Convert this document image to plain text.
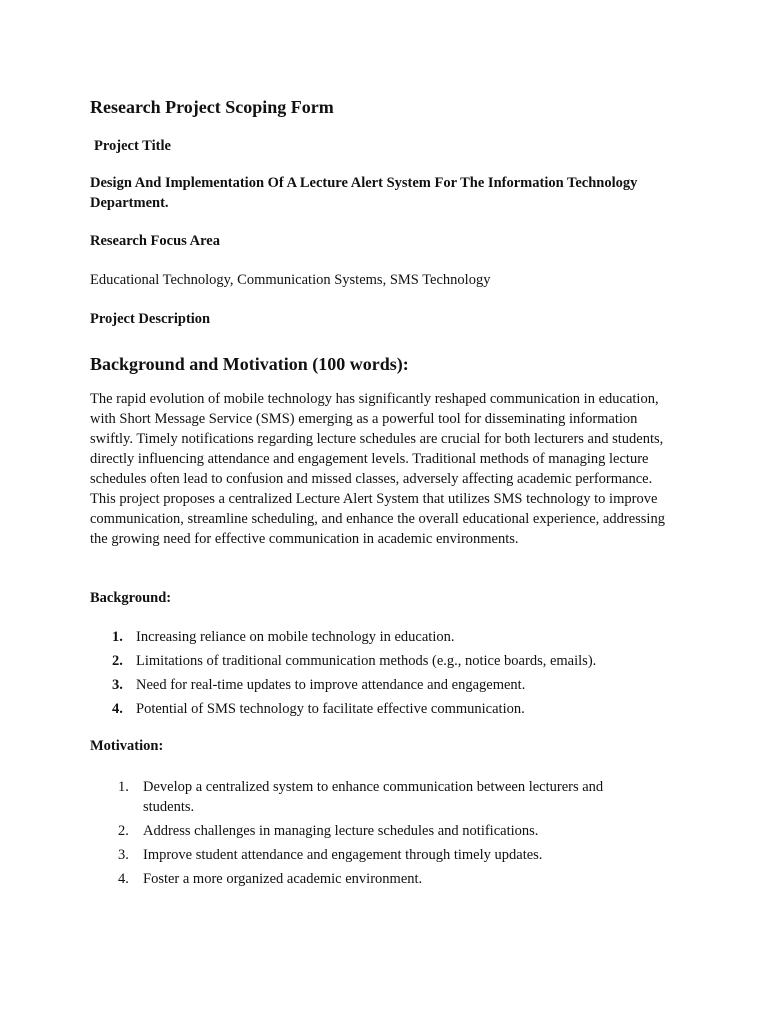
Research Project Scoping Form
Project Title
Design And Implementation Of A Lecture Alert System For The Information Technology Department.
Research Focus Area
Educational Technology, Communication Systems, SMS Technology
Project Description
Background and Motivation (100 words):

The rapid evolution of mobile technology has significantly reshaped communication in education, with Short Message Service (SMS) emerging as a powerful tool for disseminating information swiftly. Timely notifications regarding lecture schedules are crucial for both lecturers and students, directly influencing attendance and engagement levels. Traditional methods of managing lecture schedules often lead to confusion and missed classes, adversely affecting academic performance. This project proposes a centralized Lecture Alert System that utilizes SMS technology to improve communication, streamline scheduling, and enhance the overall educational experience, addressing the growing need for effective communication in academic environments.

Background:
1. Increasing reliance on mobile technology in education.
2. Limitations of traditional communication methods (e.g., notice boards, emails).
3. Need for real-time updates to improve attendance and engagement.
4. Potential of SMS technology to facilitate effective communication.
Motivation:
1. Develop a centralized system to enhance communication between lecturers and students.
2. Address challenges in managing lecture schedules and notifications.
3. Improve student attendance and engagement through timely updates.
4. Foster a more organized academic environment.
